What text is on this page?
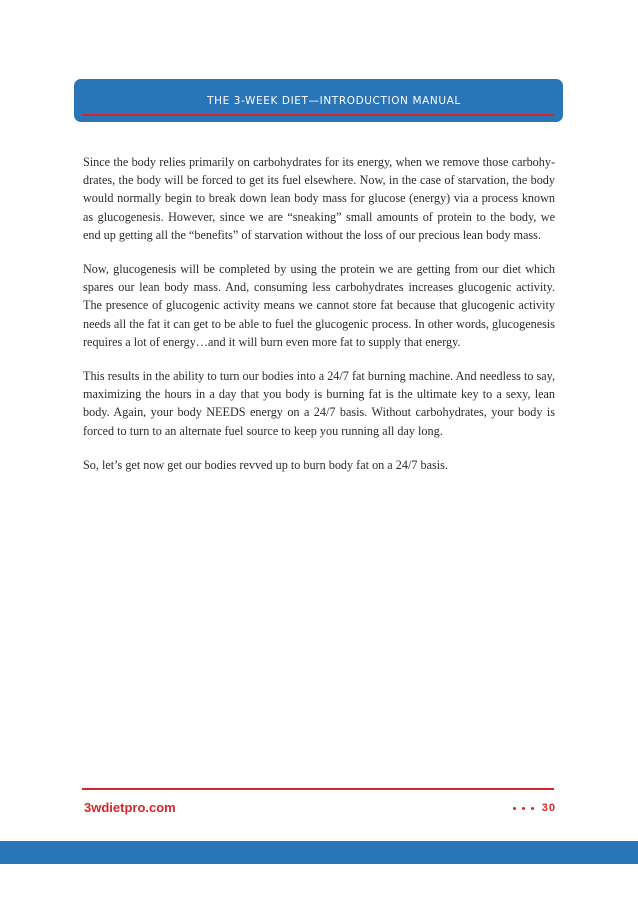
THE 3-WEEK DIET—INTRODUCTION MANUAL

Since the body relies primarily on carbohydrates for its energy, when we remove those carbohy-drates, the body will be forced to get its fuel elsewhere. Now, in the case of starvation, the body would normally begin to break down lean body mass for glucose (energy) via a process known as glucogenesis. However, since we are “sneaking” small amounts of protein to the body, we end up getting all the “benefits” of starvation without the loss of our precious lean body mass.

Now, glucogenesis will be completed by using the protein we are getting from our diet which spares our lean body mass. And, consuming less carbohydrates increases glucogenic activity. The presence of glucogenic activity means we cannot store fat because that glucogenic activity needs all the fat it can get to be able to fuel the glucogenic process. In other words, glucogenesis requires a lot of energy…and it will burn even more fat to supply that energy.

This results in the ability to turn our bodies into a 24/7 fat burning machine. And needless to say, maximizing the hours in a day that you body is burning fat is the ultimate key to a sexy, lean body. Again, your body NEEDS energy on a 24/7 basis. Without carbohydrates, your body is forced to turn to an alternate fuel source to keep you running all day long.

So, let’s get now get our bodies revved up to burn body fat on a 24/7 basis.

3wdietpro.com	30
